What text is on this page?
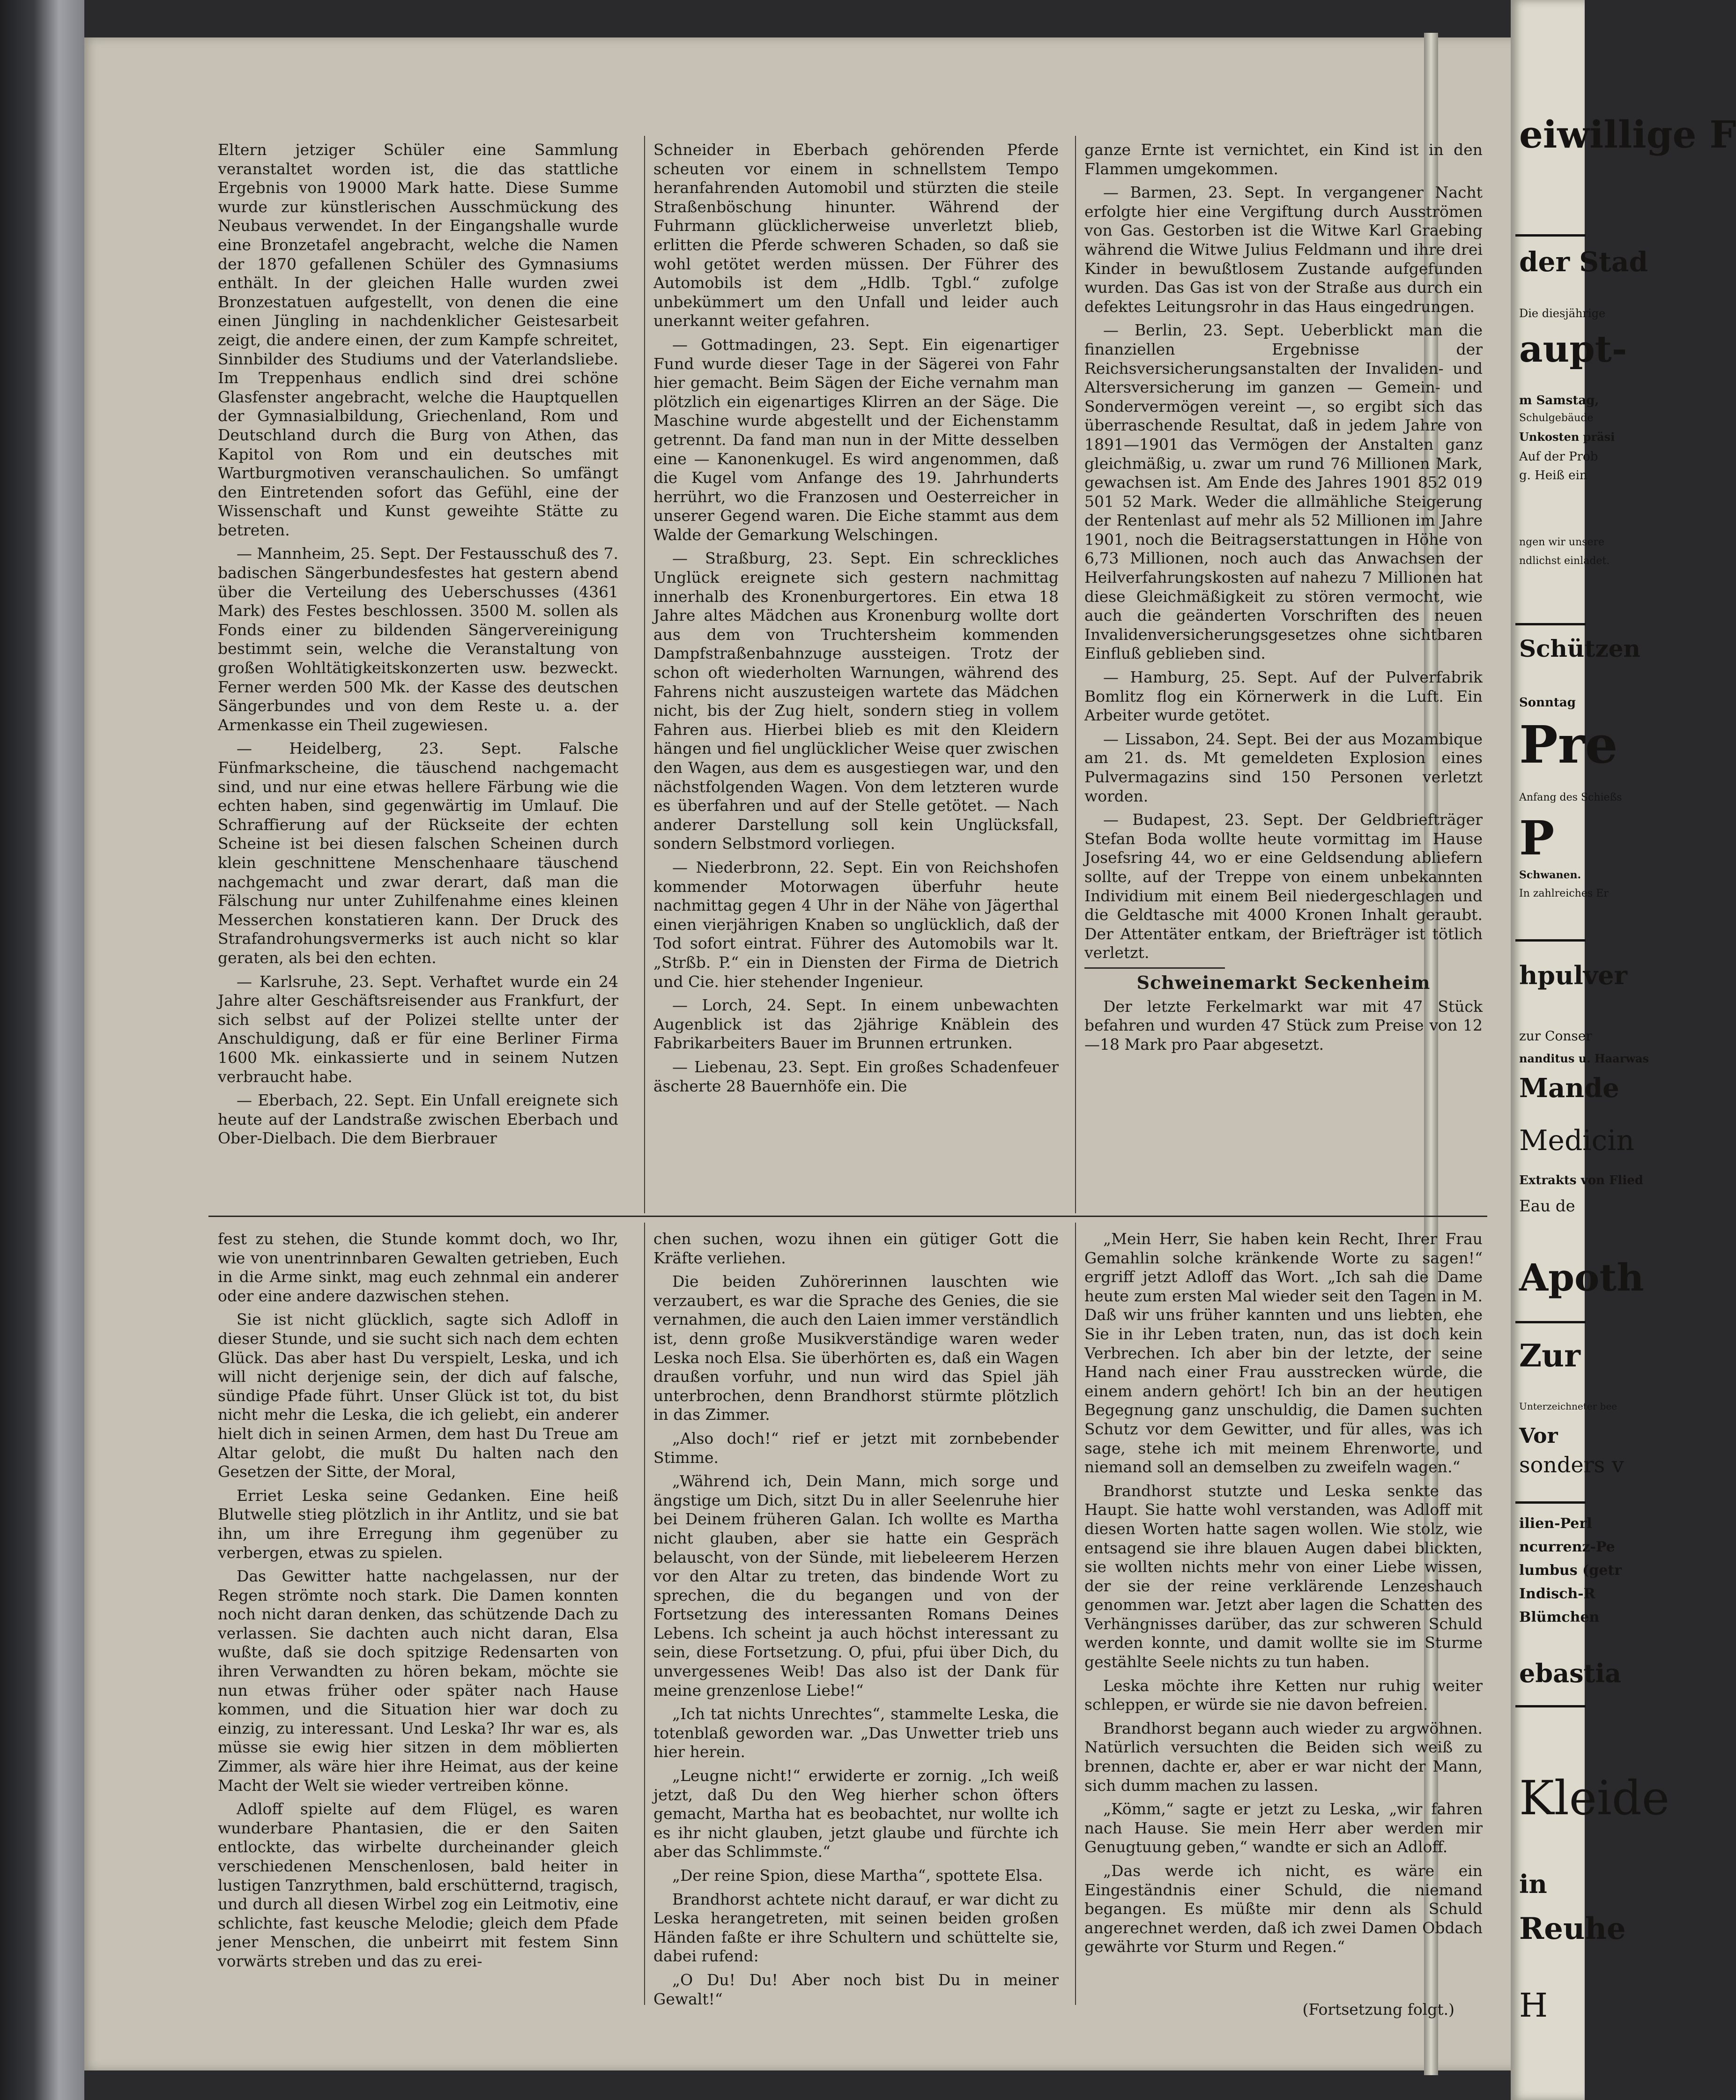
Eltern jetziger Schüler eine Sammlung veranstaltet worden ist, die das stattliche Ergebnis von 19000 Mark hatte. Diese Summe wurde zur künstlerischen Ausschmückung des Neubaus verwendet. In der Eingangshalle wurde eine Bronzetafel angebracht, welche die Namen der 1870 gefallenen Schüler des Gymnasiums enthält. In der gleichen Halle wurden zwei Bronzestatuen aufgestellt, von denen die eine einen Jüngling in nachdenklicher Geistesarbeit zeigt, die andere einen, der zum Kampfe schreitet, Sinnbilder des Studiums und der Vaterlandsliebe. Im Treppenhaus endlich sind drei schöne Glasfenster angebracht, welche die Hauptquellen der Gymnasialbildung, Griechenland, Rom und Deutschland durch die Burg von Athen, das Kapitol von Rom und ein deutsches mit Wartburgmotiven veranschaulichen. So umfängt den Eintretenden sofort das Gefühl, eine der Wissenschaft und Kunst geweihte Stätte zu betreten.

— Mannheim, 25. Sept. Der Festausschuß des 7. badischen Sängerbundesfestes hat gestern abend über die Verteilung des Ueberschusses (4361 Mark) des Festes beschlossen. 3500 M. sollen als Fonds einer zu bildenden Sängervereinigung bestimmt sein, welche die Veranstaltung von großen Wohltätigkeitskonzerten usw. bezweckt. Ferner werden 500 Mk. der Kasse des deutschen Sängerbundes und von dem Reste u. a. der Armenkasse ein Theil zugewiesen.

— Heidelberg, 23. Sept. Falsche Fünfmarkscheine, die täuschend nachgemacht sind, und nur eine etwas hellere Färbung wie die echten haben, sind gegenwärtig im Umlauf. Die Schraffierung auf der Rückseite der echten Scheine ist bei diesen falschen Scheinen durch klein geschnittene Menschenhaare täuschend nachgemacht und zwar derart, daß man die Fälschung nur unter Zuhilfenahme eines kleinen Messerchen konstatieren kann. Der Druck des Strafandrohungsvermerks ist auch nicht so klar geraten, als bei den echten.

— Karlsruhe, 23. Sept. Verhaftet wurde ein 24 Jahre alter Geschäftsreisender aus Frankfurt, der sich selbst auf der Polizei stellte unter der Anschuldigung, daß er für eine Berliner Firma 1600 Mk. einkassierte und in seinem Nutzen verbraucht habe.

— Eberbach, 22. Sept. Ein Unfall ereignete sich heute auf der Landstraße zwischen Eberbach und Ober-Dielbach. Die dem Bierbrauer

Schneider in Eberbach gehörenden Pferde scheuten vor einem in schnellstem Tempo heranfahrenden Automobil und stürzten die steile Straßenböschung hinunter. Während der Fuhrmann glücklicherweise unverletzt blieb, erlitten die Pferde schweren Schaden, so daß sie wohl getötet werden müssen. Der Führer des Automobils ist dem „Hdlb. Tgbl.“ zufolge unbekümmert um den Unfall und leider auch unerkannt weiter gefahren.

— Gottmadingen, 23. Sept. Ein eigenartiger Fund wurde dieser Tage in der Sägerei von Fahr hier gemacht. Beim Sägen der Eiche vernahm man plötzlich ein eigenartiges Klirren an der Säge. Die Maschine wurde abgestellt und der Eichenstamm getrennt. Da fand man nun in der Mitte desselben eine — Kanonenkugel. Es wird angenommen, daß die Kugel vom Anfange des 19. Jahrhunderts herrührt, wo die Franzosen und Oesterreicher in unserer Gegend waren. Die Eiche stammt aus dem Walde der Gemarkung Welschingen.

— Straßburg, 23. Sept. Ein schreckliches Unglück ereignete sich gestern nachmittag innerhalb des Kronenburgertores. Ein etwa 18 Jahre altes Mädchen aus Kronenburg wollte dort aus dem von Truchtersheim kommenden Dampfstraßenbahnzuge aussteigen. Trotz der schon oft wiederholten Warnungen, während des Fahrens nicht auszusteigen wartete das Mädchen nicht, bis der Zug hielt, sondern stieg in vollem Fahren aus. Hierbei blieb es mit den Kleidern hängen und fiel unglücklicher Weise quer zwischen den Wagen, aus dem es ausgestiegen war, und den nächstfolgenden Wagen. Von dem letzteren wurde es überfahren und auf der Stelle getötet. — Nach anderer Darstellung soll kein Unglücksfall, sondern Selbstmord vorliegen.

— Niederbronn, 22. Sept. Ein von Reichshofen kommender Motorwagen überfuhr heute nachmittag gegen 4 Uhr in der Nähe von Jägerthal einen vierjährigen Knaben so unglücklich, daß der Tod sofort eintrat. Führer des Automobils war lt. „Strßb. P.“ ein in Diensten der Firma de Dietrich und Cie. hier stehender Ingenieur.

— Lorch, 24. Sept. In einem unbewachten Augenblick ist das 2jährige Knäblein des Fabrikarbeiters Bauer im Brunnen ertrunken.

— Liebenau, 23. Sept. Ein großes Schadenfeuer äscherte 28 Bauernhöfe ein. Die

ganze Ernte ist vernichtet, ein Kind ist in den Flammen umgekommen.

— Barmen, 23. Sept. In vergangener Nacht erfolgte hier eine Vergiftung durch Ausströmen von Gas. Gestorben ist die Witwe Karl Graebing während die Witwe Julius Feldmann und ihre drei Kinder in bewußtlosem Zustande aufgefunden wurden. Das Gas ist von der Straße aus durch ein defektes Leitungsrohr in das Haus eingedrungen.

— Berlin, 23. Sept. Ueberblickt man die finanziellen Ergebnisse der Reichsversicherungsanstalten der Invaliden- und Altersversicherung im ganzen — Gemein- und Sondervermögen vereint —, so ergibt sich das überraschende Resultat, daß in jedem Jahre von 1891—1901 das Vermögen der Anstalten ganz gleichmäßig, u. zwar um rund 76 Millionen Mark, gewachsen ist. Am Ende des Jahres 1901 852 019 501 52 Mark. Weder die allmähliche Steigerung der Rentenlast auf mehr als 52 Millionen im Jahre 1901, noch die Beitragserstattungen in Höhe von 6,73 Millionen, noch auch das Anwachsen der Heilverfahrungskosten auf nahezu 7 Millionen hat diese Gleichmäßigkeit zu stören vermocht, wie auch die geänderten Vorschriften des neuen Invalidenversicherungsgesetzes ohne sichtbaren Einfluß geblieben sind.

— Hamburg, 25. Sept. Auf der Pulverfabrik Bomlitz flog ein Körnerwerk in die Luft. Ein Arbeiter wurde getötet.

— Lissabon, 24. Sept. Bei der aus Mozambique am 21. ds. Mt gemeldeten Explosion eines Pulvermagazins sind 150 Personen verletzt worden.

— Budapest, 23. Sept. Der Geldbriefträger Stefan Boda wollte heute vormittag im Hause Josefsring 44, wo er eine Geldsendung abliefern sollte, auf der Treppe von einem unbekannten Individium mit einem Beil niedergeschlagen und die Geldtasche mit 4000 Kronen Inhalt geraubt. Der Attentäter entkam, der Briefträger ist tötlich verletzt.

Schweinemarkt Seckenheim

Der letzte Ferkelmarkt war mit 47 Stück befahren und wurden 47 Stück zum Preise von 12—18 Mark pro Paar abgesetzt.

fest zu stehen, die Stunde kommt doch, wo Ihr, wie von unentrinnbaren Gewalten getrieben, Euch in die Arme sinkt, mag euch zehnmal ein anderer oder eine andere dazwischen stehen.

Sie ist nicht glücklich, sagte sich Adloff in dieser Stunde, und sie sucht sich nach dem echten Glück. Das aber hast Du verspielt, Leska, und ich will nicht derjenige sein, der dich auf falsche, sündige Pfade führt. Unser Glück ist tot, du bist nicht mehr die Leska, die ich geliebt, ein anderer hielt dich in seinen Armen, dem hast Du Treue am Altar gelobt, die mußt Du halten nach den Gesetzen der Sitte, der Moral,

Erriet Leska seine Gedanken. Eine heiß Blutwelle stieg plötzlich in ihr Antlitz, und sie bat ihn, um ihre Erregung ihm gegenüber zu verbergen, etwas zu spielen.

Das Gewitter hatte nachgelassen, nur der Regen strömte noch stark. Die Damen konnten noch nicht daran denken, das schützende Dach zu verlassen. Sie dachten auch nicht daran, Elsa wußte, daß sie doch spitzige Redensarten von ihren Verwandten zu hören bekam, möchte sie nun etwas früher oder später nach Hause kommen, und die Situation hier war doch zu einzig, zu interessant. Und Leska? Ihr war es, als müsse sie ewig hier sitzen in dem möblierten Zimmer, als wäre hier ihre Heimat, aus der keine Macht der Welt sie wieder vertreiben könne.

Adloff spielte auf dem Flügel, es waren wunderbare Phantasien, die er den Saiten entlockte, das wirbelte durcheinander gleich verschiedenen Menschenlosen, bald heiter in lustigen Tanzrythmen, bald erschütternd, tragisch, und durch all diesen Wirbel zog ein Leitmotiv, eine schlichte, fast keusche Melodie; gleich dem Pfade jener Menschen, die unbeirrt mit festem Sinn vorwärts streben und das zu erei-

chen suchen, wozu ihnen ein gütiger Gott die Kräfte verliehen.

Die beiden Zuhörerinnen lauschten wie verzaubert, es war die Sprache des Genies, die sie vernahmen, die auch den Laien immer verständlich ist, denn große Musikverständige waren weder Leska noch Elsa. Sie überhörten es, daß ein Wagen draußen vorfuhr, und nun wird das Spiel jäh unterbrochen, denn Brandhorst stürmte plötzlich in das Zimmer.

„Also doch!“ rief er jetzt mit zornbebender Stimme.

„Während ich, Dein Mann, mich sorge und ängstige um Dich, sitzt Du in aller Seelenruhe hier bei Deinem früheren Galan. Ich wollte es Martha nicht glauben, aber sie hatte ein Gespräch belauscht, von der Sünde, mit liebeleerem Herzen vor den Altar zu treten, das bindende Wort zu sprechen, die du begangen und von der Fortsetzung des interessanten Romans Deines Lebens. Ich scheint ja auch höchst interessant zu sein, diese Fortsetzung. O, pfui, pfui über Dich, du unvergessenes Weib! Das also ist der Dank für meine grenzenlose Liebe!“

„Ich tat nichts Unrechtes“, stammelte Leska, die totenblaß geworden war. „Das Unwetter trieb uns hier herein.

„Leugne nicht!“ erwiderte er zornig. „Ich weiß jetzt, daß Du den Weg hierher schon öfters gemacht, Martha hat es beobachtet, nur wollte ich es ihr nicht glauben, jetzt glaube und fürchte ich aber das Schlimmste.“

„Der reine Spion, diese Martha“, spottete Elsa.

Brandhorst achtete nicht darauf, er war dicht zu Leska herangetreten, mit seinen beiden großen Händen faßte er ihre Schultern und schüttelte sie, dabei rufend:

„O Du! Du! Aber noch bist Du in meiner Gewalt!“

„Mein Herr, Sie haben kein Recht, Ihrer Frau Gemahlin solche kränkende Worte zu sagen!“ ergriff jetzt Adloff das Wort. „Ich sah die Dame heute zum ersten Mal wieder seit den Tagen in M. Daß wir uns früher kannten und uns liebten, ehe Sie in ihr Leben traten, nun, das ist doch kein Verbrechen. Ich aber bin der letzte, der seine Hand nach einer Frau ausstrecken würde, die einem andern gehört! Ich bin an der heutigen Begegnung ganz unschuldig, die Damen suchten Schutz vor dem Gewitter, und für alles, was ich sage, stehe ich mit meinem Ehrenworte, und niemand soll an demselben zu zweifeln wagen.“

Brandhorst stutzte und Leska senkte das Haupt. Sie hatte wohl verstanden, was Adloff mit diesen Worten hatte sagen wollen. Wie stolz, wie entsagend sie ihre blauen Augen dabei blickten, sie wollten nichts mehr von einer Liebe wissen, der sie der reine verklärende Lenzeshauch genommen war. Jetzt aber lagen die Schatten des Verhängnisses darüber, das zur schweren Schuld werden konnte, und damit wollte sie im Sturme gestählte Seele nichts zu tun haben.

Leska möchte ihre Ketten nur ruhig weiter schleppen, er würde sie nie davon befreien.

Brandhorst begann auch wieder zu argwöhnen. Natürlich versuchten die Beiden sich weiß zu brennen, dachte er, aber er war nicht der Mann, sich dumm machen zu lassen.

„Kömm,“ sagte er jetzt zu Leska, „wir fahren nach Hause. Sie mein Herr aber werden mir Genugtuung geben,“ wandte er sich an Adloff.

„Das werde ich nicht, es wäre ein Eingeständnis einer Schuld, die niemand begangen. Es müßte mir denn als Schuld angerechnet werden, daß ich zwei Damen Obdach gewährte vor Sturm und Regen.“

(Fortsetzung folgt.)

eiwillige F
der Stad
Die diesjährige
aupt-
m Samstag,
Schulgebäude
Unkosten präsi
Auf der Prob
g. Heiß ein
ngen wir unsere
ndlichst einladet.
Schützen
Sonntag
Pre
Anfang des Schießs
P
Schwanen.
In zahlreiches Er
hpulver
zur Conser
nanditus u. Haarwas
Mande
Medicin
Extrakts von Flied
Eau de
Apoth
Zur
Unterzeichneter bee
Vor
sonders v
ilien-Perl
ncurrenz-Pe
lumbus (getr
Indisch-R
Blümchen
ebastia
Kleide
in
Reuhe
H
